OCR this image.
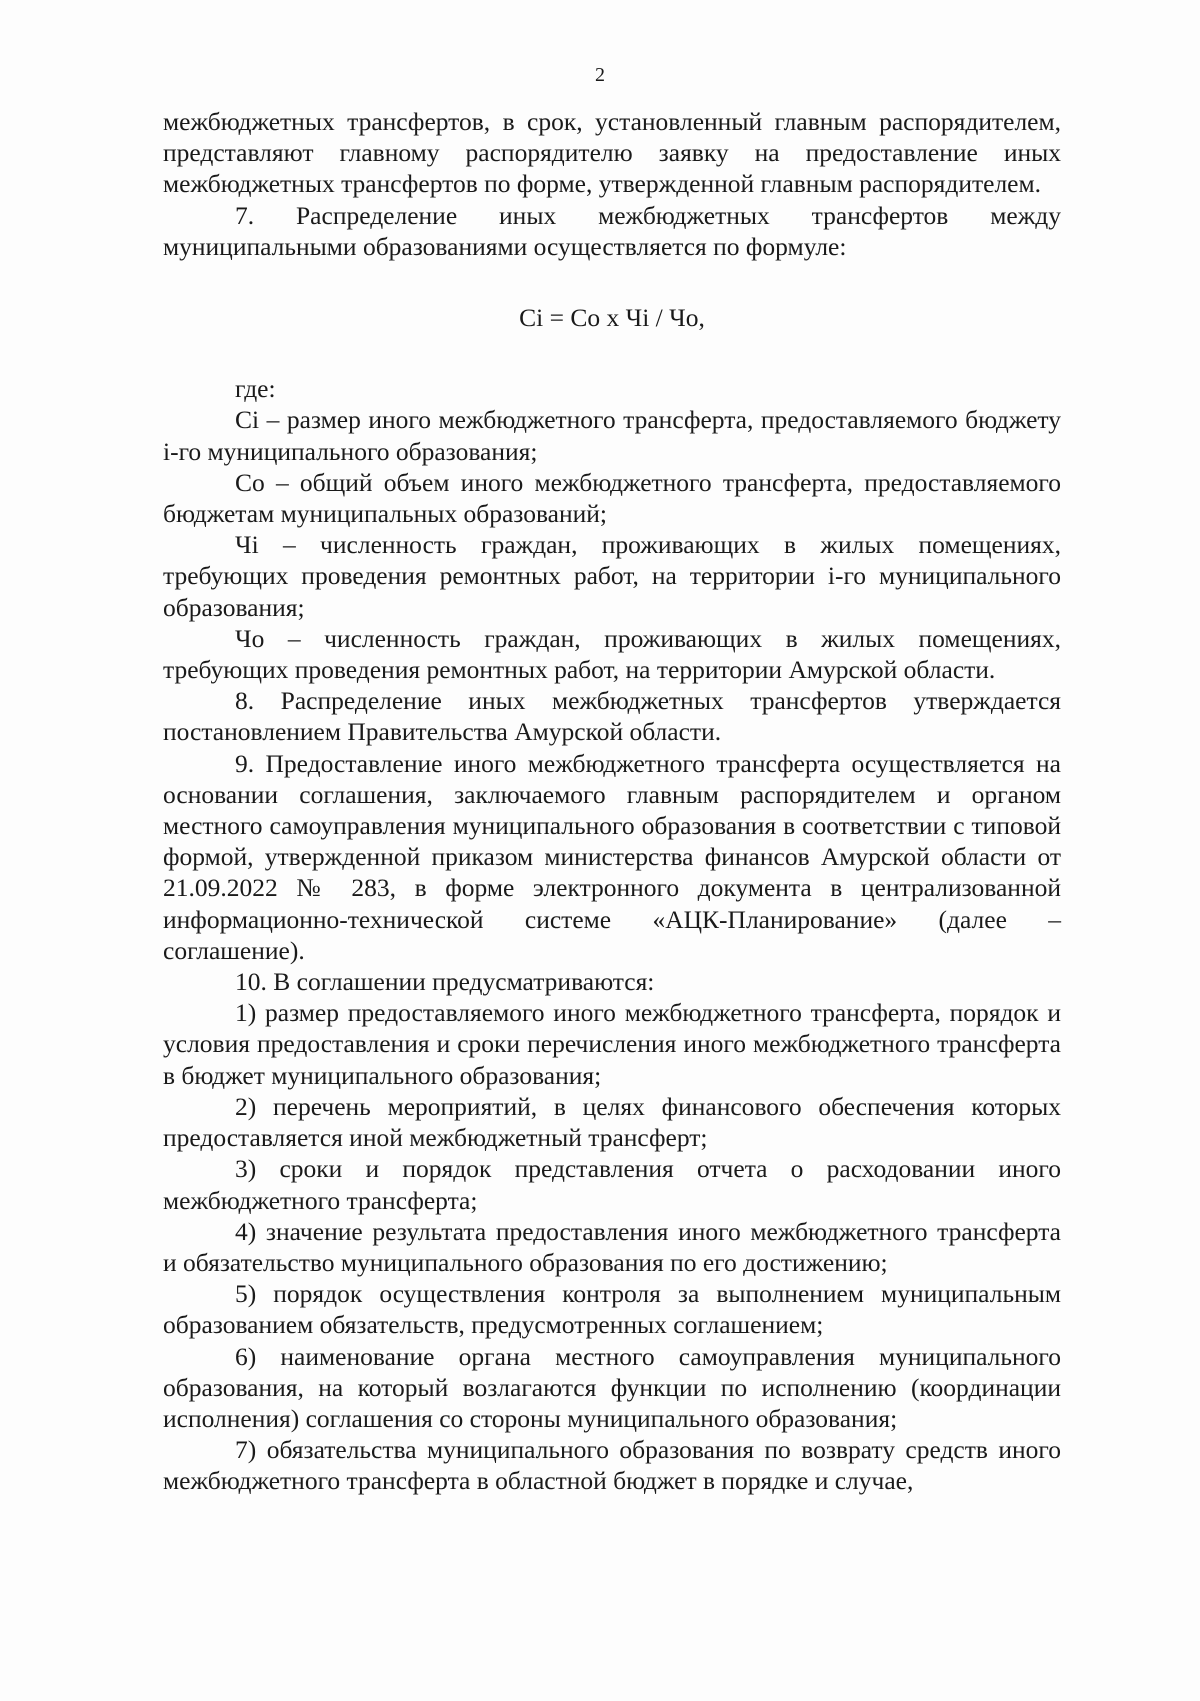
2

межбюджетных трансфертов, в срок, установленный главным распорядителем, представляют главному распорядителю заявку на предоставление иных межбюджетных трансфертов по форме, утвержденной главным распорядителем.

7. Распределение иных межбюджетных трансфертов между муниципальными образованиями осуществляется по формуле:

Ci = Co x Чi / Чо,

где:

Ci – размер иного межбюджетного трансферта, предоставляемого бюджету i-го муниципального образования;

Co – общий объем иного межбюджетного трансферта, предоставляемого бюджетам муниципальных образований;

Чi – численность граждан, проживающих в жилых помещениях, требующих проведения ремонтных работ, на территории i-го муниципального образования;

Чо – численность граждан, проживающих в жилых помещениях, требующих проведения ремонтных работ, на территории Амурской области.

8. Распределение иных межбюджетных трансфертов утверждается постановлением Правительства Амурской области.

9. Предоставление иного межбюджетного трансферта осуществляется на основании соглашения, заключаемого главным распорядителем и органом местного самоуправления муниципального образования в соответствии с типовой формой, утвержденной приказом министерства финансов Амурской области от 21.09.2022 № 283, в форме электронного документа в централизованной информационно-технической системе «АЦК-Планирование» (далее – соглашение).

10. В соглашении предусматриваются:

1) размер предоставляемого иного межбюджетного трансферта, порядок и условия предоставления и сроки перечисления иного межбюджетного трансферта в бюджет муниципального образования;

2) перечень мероприятий, в целях финансового обеспечения которых предоставляется иной межбюджетный трансферт;

3) сроки и порядок представления отчета о расходовании иного межбюджетного трансферта;

4) значение результата предоставления иного межбюджетного трансферта и обязательство муниципального образования по его достижению;

5) порядок осуществления контроля за выполнением муниципальным образованием обязательств, предусмотренных соглашением;

6) наименование органа местного самоуправления муниципального образования, на который возлагаются функции по исполнению (координации исполнения) соглашения со стороны муниципального образования;

7) обязательства муниципального образования по возврату средств иного межбюджетного трансферта в областной бюджет в порядке и случае,
